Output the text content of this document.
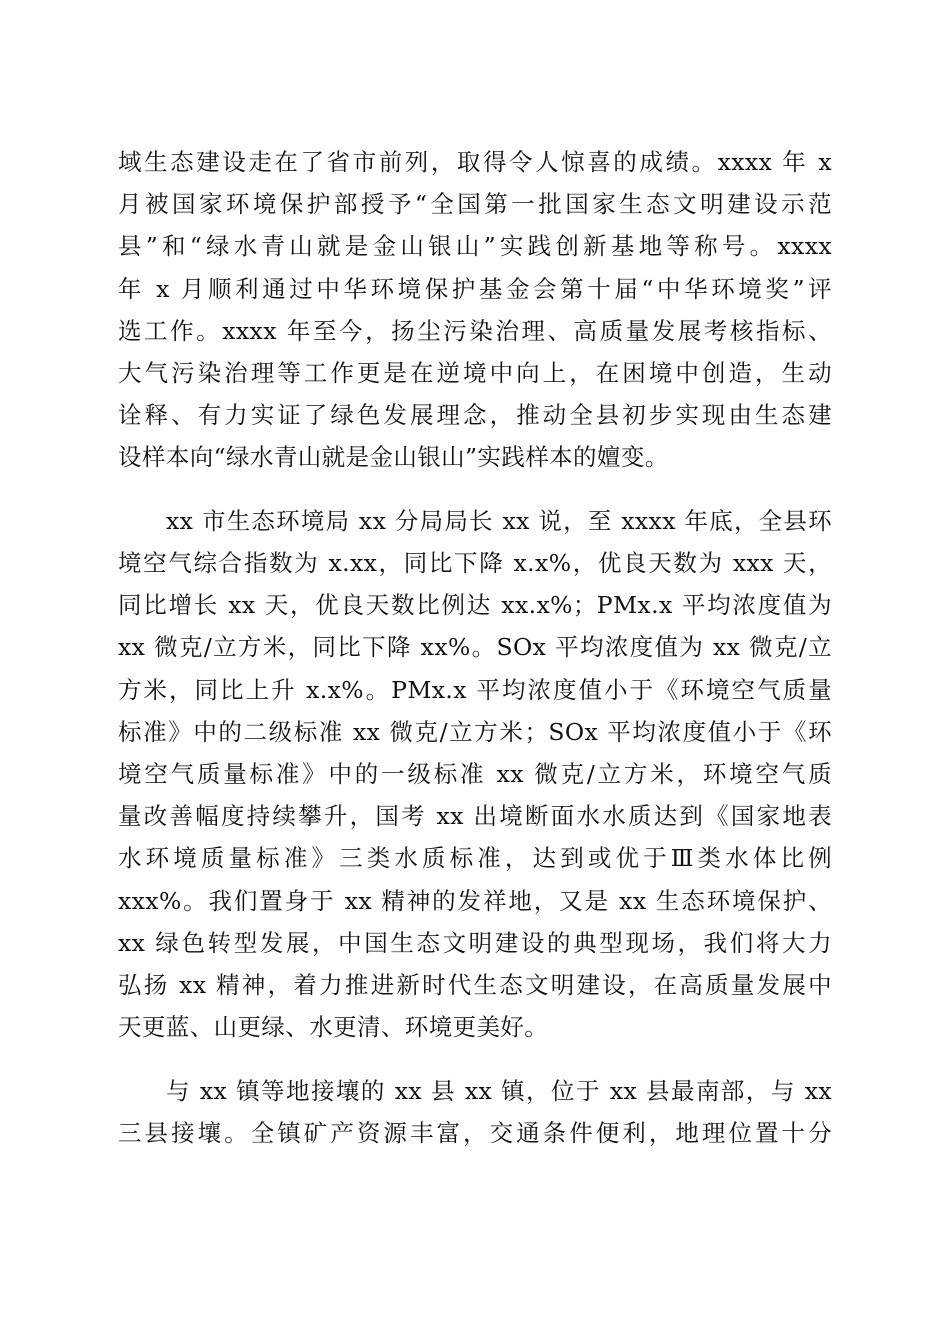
域生态建设走在了省市前列，取得令人惊喜的成绩。xxxx 年 x
月被国家环境保护部授予“全国第一批国家生态文明建设示范
县”和“绿水青山就是金山银山”实践创新基地等称号。xxxx
年 x 月顺利通过中华环境保护基金会第十届“中华环境奖”评
选工作。xxxx 年至今，扬尘污染治理、高质量发展考核指标、
大气污染治理等工作更是在逆境中向上，在困境中创造，生动
诠释、有力实证了绿色发展理念，推动全县初步实现由生态建
设样本向“绿水青山就是金山银山”实践样本的嬗变。
xx 市生态环境局 xx 分局局长 xx 说，至 xxxx 年底，全县环
境空气综合指数为 x.xx，同比下降 x.x%，优良天数为 xxx 天，
同比增长 xx 天，优良天数比例达 xx.x%；PMx.x 平均浓度值为
xx 微克/立方米，同比下降 xx%。SOx 平均浓度值为 xx 微克/立
方米，同比上升 x.x%。PMx.x 平均浓度值小于《环境空气质量
标准》中的二级标准 xx 微克/立方米；SOx 平均浓度值小于《环
境空气质量标准》中的一级标准 xx 微克/立方米，环境空气质
量改善幅度持续攀升，国考 xx 出境断面水水质达到《国家地表
水环境质量标准》三类水质标准，达到或优于Ⅲ类水体比例
xxx%。我们置身于 xx 精神的发祥地，又是 xx 生态环境保护、
xx 绿色转型发展，中国生态文明建设的典型现场，我们将大力
弘扬 xx 精神，着力推进新时代生态文明建设，在高质量发展中
天更蓝、山更绿、水更清、环境更美好。
与 xx 镇等地接壤的 xx 县 xx 镇，位于 xx 县最南部，与 xx
三县接壤。全镇矿产资源丰富，交通条件便利，地理位置十分
